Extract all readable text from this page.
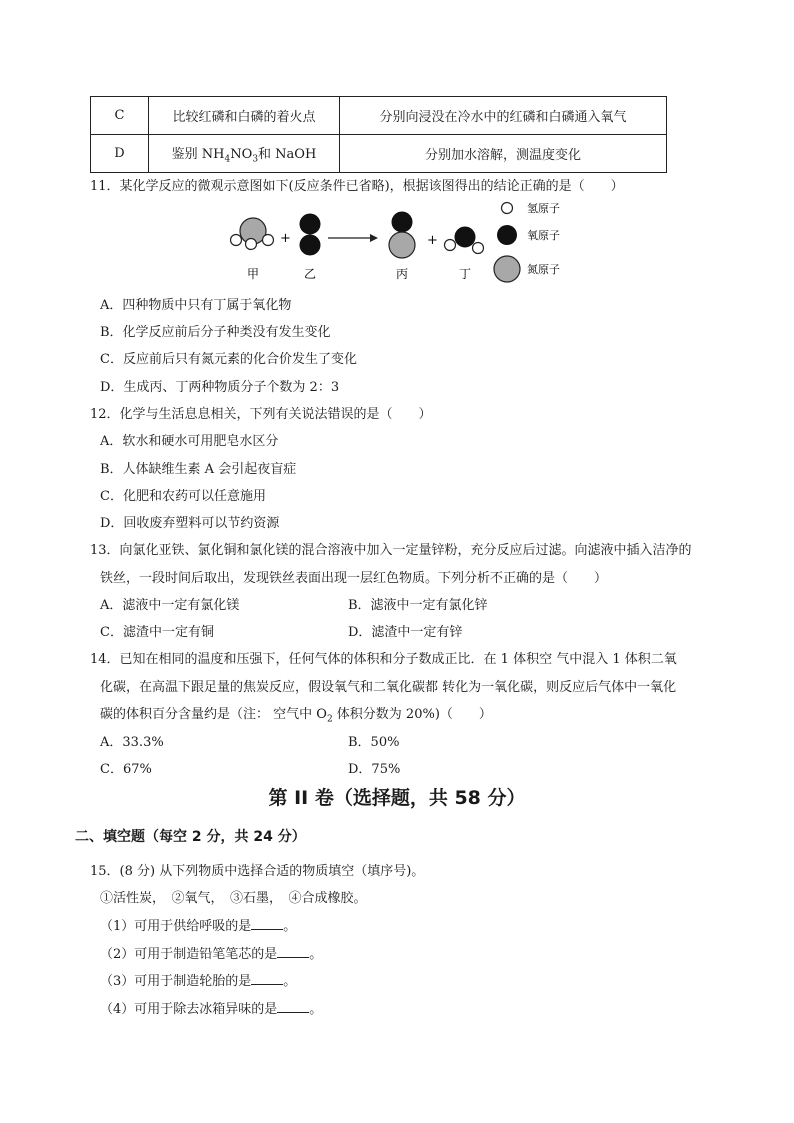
C	比较红磷和白磷的着火点	分别向浸没在冷水中的红磷和白磷通入氧气
D	鉴别 $NH_4NO_3$和 NaOH	分别加水溶解，测温度变化
11．某化学反应的微观示意图如下(反应条件已省略)，根据该图得出的结论正确的是（　　）
+	+
甲	乙	丙	丁
氢原子
氧原子
氮原子
A．四种物质中只有丁属于氧化物
B．化学反应前后分子种类没有发生变化
C．反应前后只有氮元素的化合价发生了变化
D．生成丙、丁两种物质分子个数为 2：3
12．化学与生活息息相关，下列有关说法错误的是（　　）
A．软水和硬水可用肥皂水区分
B．人体缺维生素 A 会引起夜盲症
C．化肥和农药可以任意施用
D．回收废弃塑料可以节约资源
13．向氯化亚铁、氯化铜和氯化镁的混合溶液中加入一定量锌粉，充分反应后过滤。向滤液中插入洁净的
铁丝，一段时间后取出，发现铁丝表面出现一层红色物质。下列分析不正确的是（　　）
A．滤液中一定有氯化镁	B．滤液中一定有氯化锌
C．滤渣中一定有铜	D．滤渣中一定有锌
14．已知在相同的温度和压强下，任何气体的体积和分子数成正比．在 1 体积空 气中混入 1 体积二氧
化碳，在高温下跟足量的焦炭反应，假设氧气和二氧化碳都 转化为一氧化碳，则反应后气体中一氧化
碳的体积百分含量约是（注： 空气中 $O_2$ 体积分数为 20%)（　　）
A．33.3%	B．50%
C．67%	D．75%
第 II 卷（选择题，共 58 分）
二、填空题（每空 2 分，共 24 分）
15．(8 分) 从下列物质中选择合适的物质填空（填序号)。
①活性炭，　②氧气，　③石墨，　④合成橡胶。
（1）可用于供给呼吸的是 。
（2）可用于制造铅笔笔芯的是 。
（3）可用于制造轮胎的是 。
（4）可用于除去冰箱异味的是 。
